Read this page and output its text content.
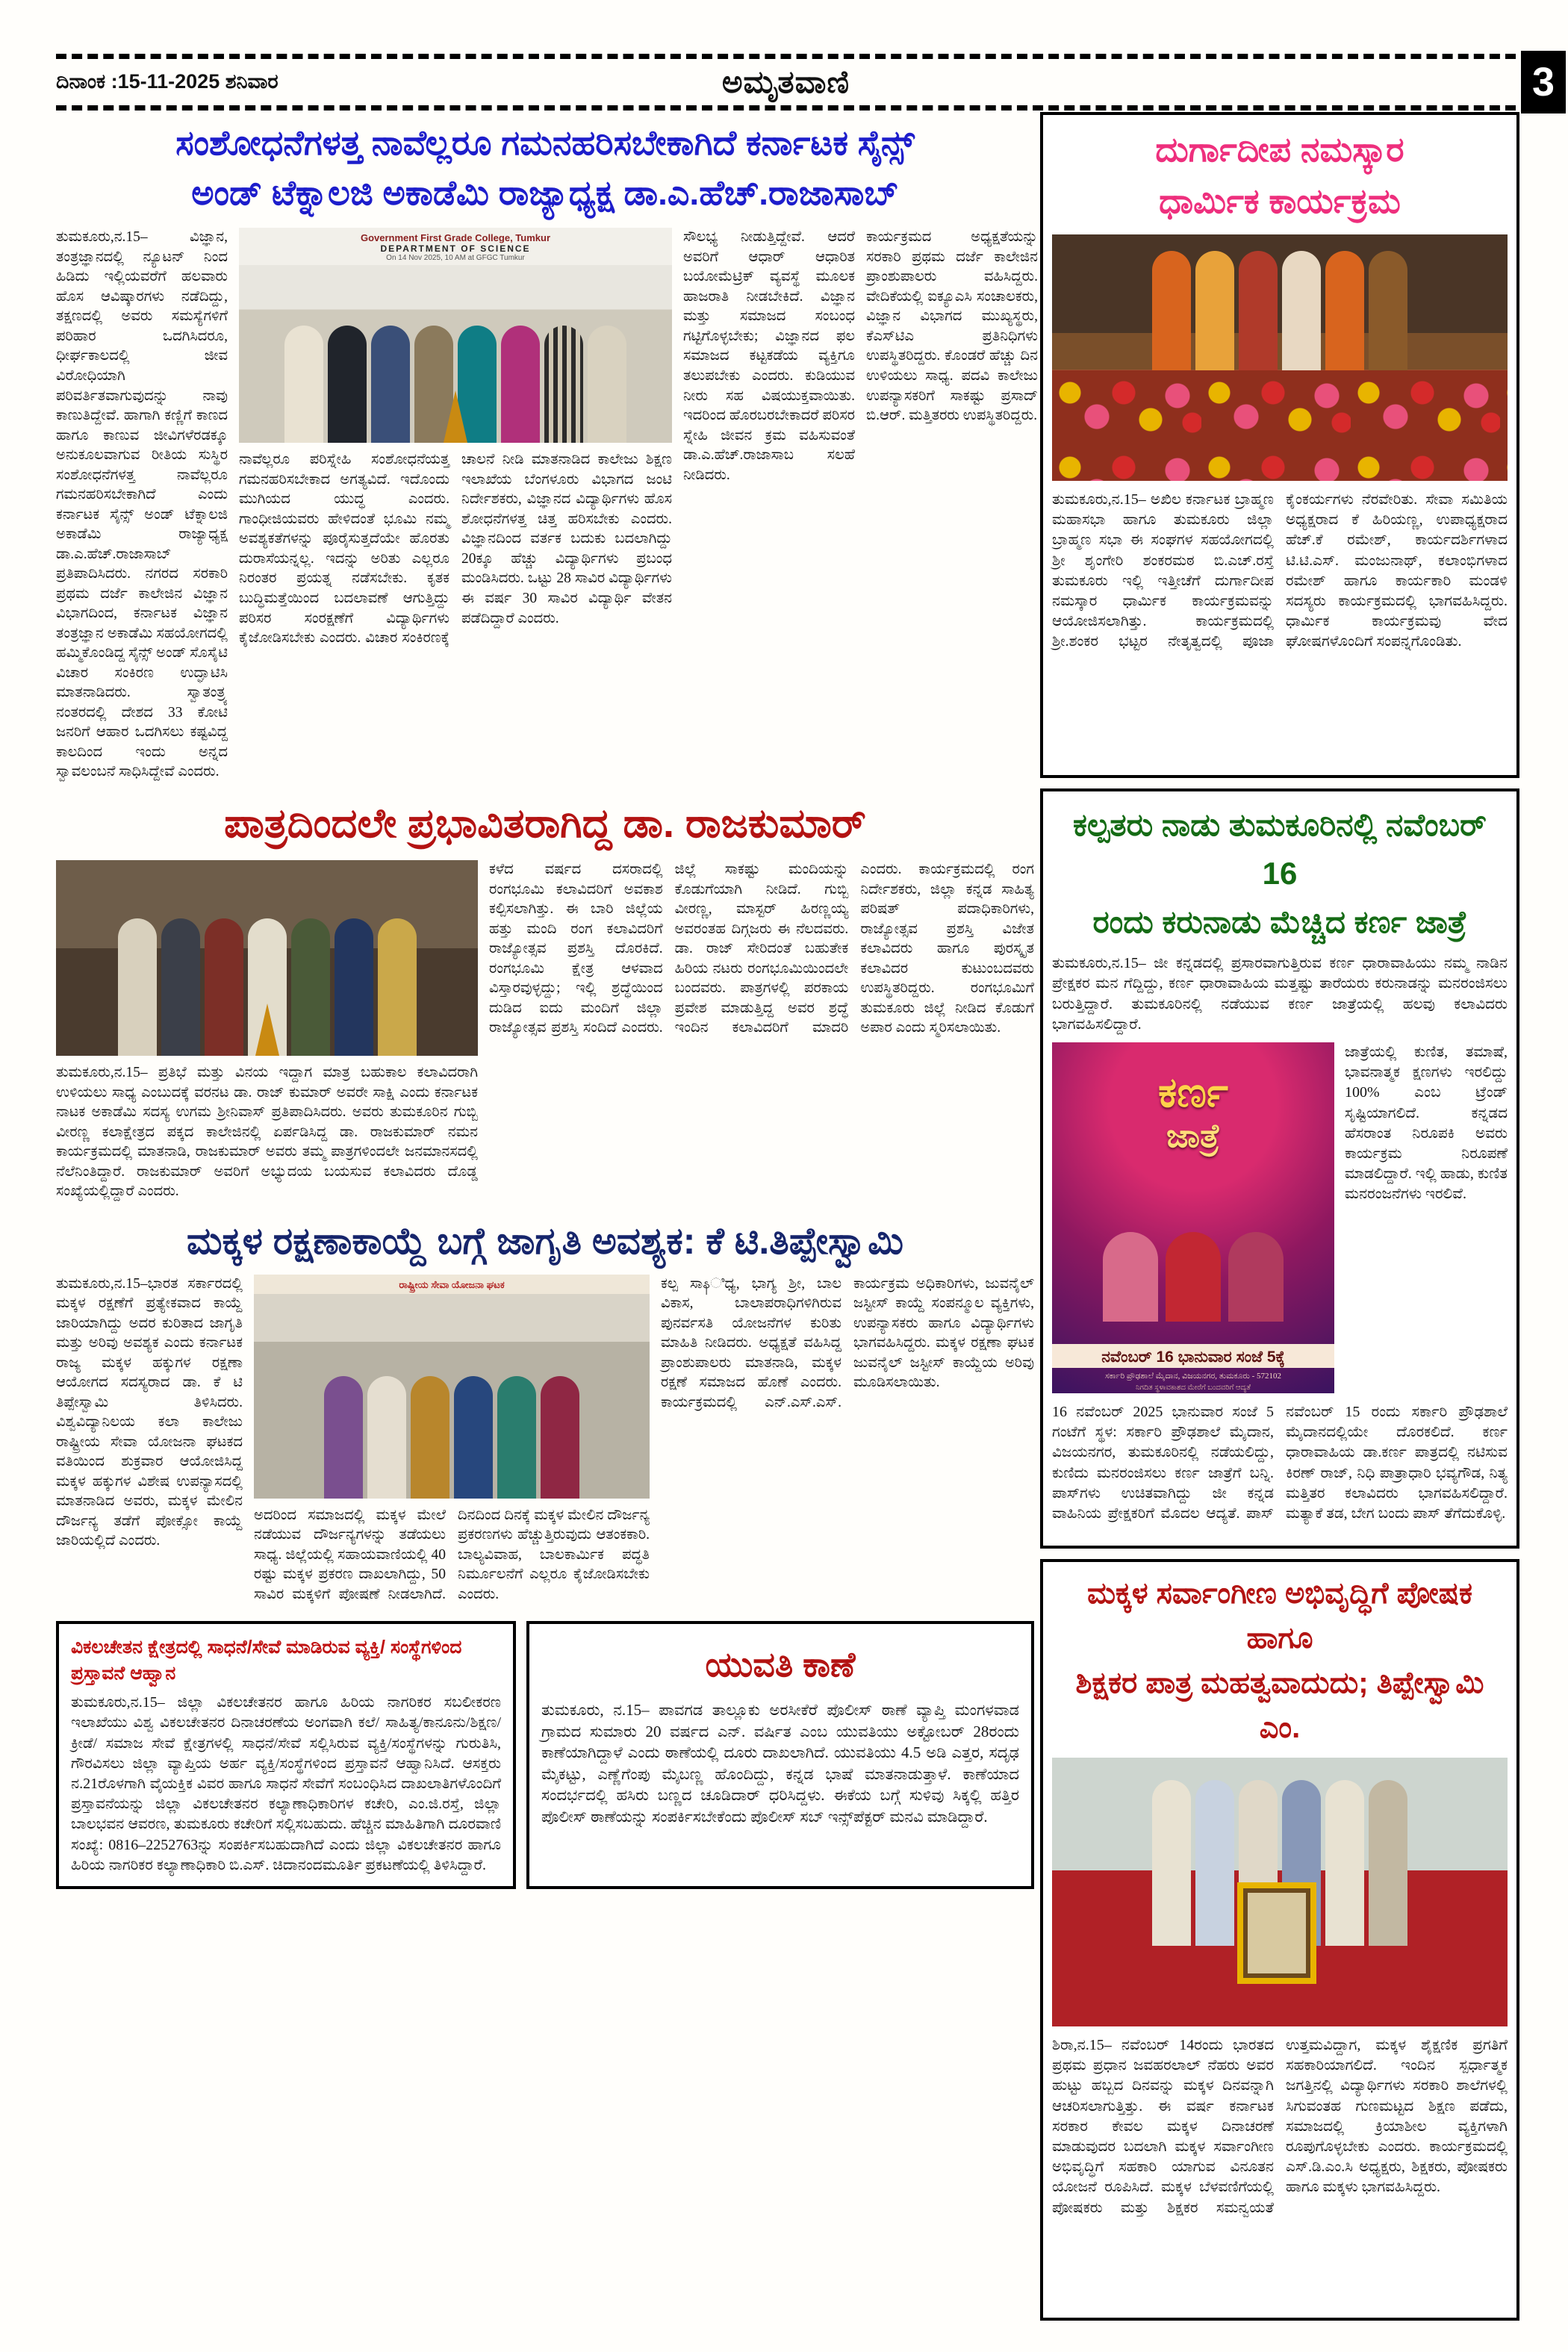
ದಿನಾಂಕ :15-11-2025 ಶನಿವಾರ	ಅಮೃತವಾಣಿ	3
ಸಂಶೋಧನೆಗಳತ್ತ ನಾವೆಲ್ಲರೂ ಗಮನಹರಿಸಬೇಕಾಗಿದೆ ಕರ್ನಾಟಕ ಸೈನ್ಸ್
ಅಂಡ್ ಟೆಕ್ನಾಲಜಿ ಅಕಾಡೆಮಿ ರಾಜ್ಯಾಧ್ಯಕ್ಷ ಡಾ.ಎ.ಹೆಚ್.ರಾಜಾಸಾಬ್
ತುಮಕೂರು,ನ.15– ವಿಜ್ಞಾನ, ತಂತ್ರಜ್ಞಾನದಲ್ಲಿ ನ್ಯೂಟನ್ ನಿಂದ ಹಿಡಿದು ಇಲ್ಲಿಯವರೆಗೆ ಹಲವಾರು ಹೊಸ ಆವಿಷ್ಕಾರಗಳು ನಡೆದಿದ್ದು, ತಕ್ಷಣದಲ್ಲಿ ಅವರು ಸಮಸ್ಯೆಗಳಿಗೆ ಪರಿಹಾರ ಒದಗಿಸಿದರೂ, ಧೀರ್ಘಕಾಲದಲ್ಲಿ ಜೀವ ವಿರೋಧಿಯಾಗಿ ಪರಿವರ್ತಿತವಾಗುವುದನ್ನು ನಾವು ಕಾಣುತಿದ್ದೇವೆ. ಹಾಗಾಗಿ ಕಣ್ಣಿಗೆ ಕಾಣದ ಹಾಗೂ ಕಾಣುವ ಜೀವಿಗಳೆರಡಕ್ಕೂ ಅನುಕೂಲವಾಗುವ ರೀತಿಯ ಸುಸ್ಥಿರ ಸಂಶೋಧನೆಗಳತ್ತ ನಾವೆಲ್ಲರೂ ಗಮನಹರಿಸಬೇಕಾಗಿದೆ ಎಂದು ಕರ್ನಾಟಕ ಸೈನ್ಸ್ ಅಂಡ್ ಟೆಕ್ನಾಲಜಿ ಅಕಾಡೆಮಿ ರಾಜ್ಯಾಧ್ಯಕ್ಷ ಡಾ.ಎ.ಹೆಚ್.ರಾಜಾಸಾಬ್ ಪ್ರತಿಪಾದಿಸಿದರು. ನಗರದ ಸರಕಾರಿ ಪ್ರಥಮ ದರ್ಜೆ ಕಾಲೇಜಿನ ವಿಜ್ಞಾನ ವಿಭಾಗದಿಂದ, ಕರ್ನಾಟಕ ವಿಜ್ಞಾನ ತಂತ್ರಜ್ಞಾನ ಅಕಾಡೆಮಿ ಸಹಯೋಗದಲ್ಲಿ ಹಮ್ಮಿಕೊಂಡಿದ್ದ ಸೈನ್ಸ್ ಅಂಡ್ ಸೊಸೈಟಿ ವಿಚಾರ ಸಂಕಿರಣ ಉದ್ಘಾಟಿಸಿ ಮಾತನಾಡಿದರು. ಸ್ವಾತಂತ್ರ್ಯ ನಂತರದಲ್ಲಿ ದೇಶದ 33 ಕೋಟಿ ಜನರಿಗೆ ಆಹಾರ ಒದಗಿಸಲು ಕಷ್ಟವಿದ್ದ ಕಾಲದಿಂದ ಇಂದು ಅನ್ನದ ಸ್ವಾವಲಂಬನೆ ಸಾಧಿಸಿದ್ದೇವೆ ಎಂದರು.
Government First Grade College, Tumkur
DEPARTMENT OF SCIENCE
On 14 Nov 2025, 10 AM at GFGC Tumkur
ನಾವೆಲ್ಲರೂ ಪರಿಸ್ನೇಹಿ ಸಂಶೋಧನೆಯತ್ತ ಗಮನಹರಿಸಬೇಕಾದ ಅಗತ್ಯವಿದೆ. ಇದೊಂದು ಮುಗಿಯದ ಯುದ್ಧ ಎಂದರು. ಗಾಂಧೀಜಿಯವರು ಹೇಳಿದಂತೆ ಭೂಮಿ ನಮ್ಮ ಅವಶ್ಯಕತೆಗಳನ್ನು ಪೂರೈಸುತ್ತದೆಯೇ ಹೊರತು ದುರಾಸೆಯನ್ನಲ್ಲ. ಇದನ್ನು ಅರಿತು ಎಲ್ಲರೂ ನಿರಂತರ ಪ್ರಯತ್ನ ನಡೆಸಬೇಕು. ಕೃತಕ ಬುದ್ಧಿಮತ್ತೆಯಿಂದ ಬದಲಾವಣೆ ಆಗುತ್ತಿದ್ದು ಪರಿಸರ ಸಂರಕ್ಷಣೆಗೆ ವಿದ್ಯಾರ್ಥಿಗಳು ಕೈಜೋಡಿಸಬೇಕು ಎಂದರು. ವಿಚಾರ ಸಂಕಿರಣಕ್ಕೆ ಚಾಲನೆ ನೀಡಿ ಮಾತನಾಡಿದ ಕಾಲೇಜು ಶಿಕ್ಷಣ ಇಲಾಖೆಯ ಬೆಂಗಳೂರು ವಿಭಾಗದ ಜಂಟಿ ನಿರ್ದೇಶಕರು, ವಿಜ್ಞಾನದ ವಿದ್ಯಾರ್ಥಿಗಳು ಹೊಸ ಶೋಧನೆಗಳತ್ತ ಚಿತ್ತ ಹರಿಸಬೇಕು ಎಂದರು. ವಿಜ್ಞಾನದಿಂದ ವರ್ತಕ ಬದುಕು ಬದಲಾಗಿದ್ದು 20ಕ್ಕೂ ಹೆಚ್ಚು ವಿದ್ಯಾರ್ಥಿಗಳು ಪ್ರಬಂಧ ಮಂಡಿಸಿದರು. ಒಟ್ಟು 28 ಸಾವಿರ ವಿದ್ಯಾರ್ಥಿಗಳು ಈ ವರ್ಷ 30 ಸಾವಿರ ವಿದ್ಯಾರ್ಥಿ ವೇತನ ಪಡೆದಿದ್ದಾರೆ ಎಂದರು.
ಸೌಲಭ್ಯ ನೀಡುತ್ತಿದ್ದೇವೆ. ಆದರೆ ಅವರಿಗೆ ಆಧಾರ್ ಆಧಾರಿತ ಬಯೋಮೆಟ್ರಿಕ್ ವ್ಯವಸ್ಥೆ ಮೂಲಕ ಹಾಜರಾತಿ ನೀಡಬೇಕಿದೆ. ವಿಜ್ಞಾನ ಮತ್ತು ಸಮಾಜದ ಸಂಬಂಧ ಗಟ್ಟಿಗೊಳ್ಳಬೇಕು; ವಿಜ್ಞಾನದ ಫಲ ಸಮಾಜದ ಕಟ್ಟಕಡೆಯ ವ್ಯಕ್ತಿಗೂ ತಲುಪಬೇಕು ಎಂದರು. ಕುಡಿಯುವ ನೀರು ಸಹ ವಿಷಯುಕ್ತವಾಯಿತು. ಇದರಿಂದ ಹೊರಬರಬೇಕಾದರೆ ಪರಿಸರ ಸ್ನೇಹಿ ಜೀವನ ಕ್ರಮ ವಹಿಸುವಂತೆ ಡಾ.ಎ.ಹೆಚ್.ರಾಜಾಸಾಬ ಸಲಹೆ ನೀಡಿದರು.
ಕಾರ್ಯಕ್ರಮದ ಅಧ್ಯಕ್ಷತೆಯನ್ನು ಸರಕಾರಿ ಪ್ರಥಮ ದರ್ಜೆ ಕಾಲೇಜಿನ ಪ್ರಾಂಶುಪಾಲರು ವಹಿಸಿದ್ದರು. ವೇದಿಕೆಯಲ್ಲಿ ಐಕ್ಯೂಎಸಿ ಸಂಚಾಲಕರು, ವಿಜ್ಞಾನ ವಿಭಾಗದ ಮುಖ್ಯಸ್ಥರು, ಕೆಎಸ್‌ಟಿಎ ಪ್ರತಿನಿಧಿಗಳು ಉಪಸ್ಥಿತರಿದ್ದರು. ಕೊಂಡರೆ ಹೆಚ್ಚು ದಿನ ಉಳಿಯಲು ಸಾಧ್ಯ. ಪದವಿ ಕಾಲೇಜು ಉಪನ್ಯಾಸಕರಿಗೆ ಸಾಕಷ್ಟು ಪ್ರಸಾದ್ ಬಿ.ಆರ್. ಮತ್ತಿತರರು ಉಪಸ್ಥಿತರಿದ್ದರು.
ಪಾತ್ರದಿಂದಲೇ ಪ್ರಭಾವಿತರಾಗಿದ್ದ ಡಾ. ರಾಜಕುಮಾರ್
ತುಮಕೂರು,ನ.15– ಪ್ರತಿಭೆ ಮತ್ತು ವಿನಯ ಇದ್ದಾಗ ಮಾತ್ರ ಬಹುಕಾಲ ಕಲಾವಿದರಾಗಿ ಉಳಿಯಲು ಸಾಧ್ಯ ಎಂಬುದಕ್ಕೆ ವರನಟ ಡಾ. ರಾಜ್ ಕುಮಾರ್ ಅವರೇ ಸಾಕ್ಷಿ ಎಂದು ಕರ್ನಾಟಕ ನಾಟಕ ಅಕಾಡೆಮಿ ಸದಸ್ಯ ಉಗಮ ಶ್ರೀನಿವಾಸ್ ಪ್ರತಿಪಾದಿಸಿದರು. ಅವರು ತುಮಕೂರಿನ ಗುಬ್ಬಿ ವೀರಣ್ಣ ಕಲಾಕ್ಷೇತ್ರದ ಪಕ್ಕದ ಕಾಲೇಜಿನಲ್ಲಿ ಏರ್ಪಡಿಸಿದ್ದ ಡಾ. ರಾಜಕುಮಾರ್ ನಮನ ಕಾರ್ಯಕ್ರಮದಲ್ಲಿ ಮಾತನಾಡಿ, ರಾಜಕುಮಾರ್ ಅವರು ತಮ್ಮ ಪಾತ್ರಗಳಿಂದಲೇ ಜನಮಾನಸದಲ್ಲಿ ನೆಲೆನಿಂತಿದ್ದಾರೆ. ರಾಜಕುಮಾರ್ ಅವರಿಗೆ ಅಭ್ಯುದಯ ಬಯಸುವ ಕಲಾವಿದರು ದೊಡ್ಡ ಸಂಖ್ಯೆಯಲ್ಲಿದ್ದಾರೆ ಎಂದರು.
ಕಳೆದ ವರ್ಷದ ದಸರಾದಲ್ಲಿ ರಂಗಭೂಮಿ ಕಲಾವಿದರಿಗೆ ಅವಕಾಶ ಕಲ್ಪಿಸಲಾಗಿತ್ತು. ಈ ಬಾರಿ ಜಿಲ್ಲೆಯ ಹತ್ತು ಮಂದಿ ರಂಗ ಕಲಾವಿದರಿಗೆ ರಾಜ್ಯೋತ್ಸವ ಪ್ರಶಸ್ತಿ ದೊರಕಿದೆ. ರಂಗಭೂಮಿ ಕ್ಷೇತ್ರ ಆಳವಾದ ವಿಸ್ತಾರವುಳ್ಳದ್ದು; ಇಲ್ಲಿ ಶ್ರದ್ಧೆಯಿಂದ ದುಡಿದ ಐದು ಮಂದಿಗೆ ಜಿಲ್ಲಾ ರಾಜ್ಯೋತ್ಸವ ಪ್ರಶಸ್ತಿ ಸಂದಿದೆ ಎಂದರು. ಜಿಲ್ಲೆ ಸಾಕಷ್ಟು ಮಂದಿಯನ್ನು ಕೊಡುಗೆಯಾಗಿ ನೀಡಿದೆ. ಗುಬ್ಬಿ ವೀರಣ್ಣ, ಮಾಸ್ಟರ್ ಹಿರಣ್ಣಯ್ಯ ಅವರಂತಹ ದಿಗ್ಗಜರು ಈ ನೆಲದವರು. ಡಾ. ರಾಜ್ ಸೇರಿದಂತೆ ಬಹುತೇಕ ಹಿರಿಯ ನಟರು ರಂಗಭೂಮಿಯಿಂದಲೇ ಬಂದವರು. ಪಾತ್ರಗಳಲ್ಲಿ ಪರಕಾಯ ಪ್ರವೇಶ ಮಾಡುತ್ತಿದ್ದ ಅವರ ಶ್ರದ್ಧೆ ಇಂದಿನ ಕಲಾವಿದರಿಗೆ ಮಾದರಿ ಎಂದರು. ಕಾರ್ಯಕ್ರಮದಲ್ಲಿ ರಂಗ ನಿರ್ದೇಶಕರು, ಜಿಲ್ಲಾ ಕನ್ನಡ ಸಾಹಿತ್ಯ ಪರಿಷತ್ ಪದಾಧಿಕಾರಿಗಳು, ರಾಜ್ಯೋತ್ಸವ ಪ್ರಶಸ್ತಿ ವಿಜೇತ ಕಲಾವಿದರು ಹಾಗೂ ಪುರಸ್ಕೃತ ಕಲಾವಿದರ ಕುಟುಂಬದವರು ಉಪಸ್ಥಿತರಿದ್ದರು. ರಂಗಭೂಮಿಗೆ ತುಮಕೂರು ಜಿಲ್ಲೆ ನೀಡಿದ ಕೊಡುಗೆ ಅಪಾರ ಎಂದು ಸ್ಮರಿಸಲಾಯಿತು.
ಮಕ್ಕಳ ರಕ್ಷಣಾಕಾಯ್ದೆ ಬಗ್ಗೆ ಜಾಗೃತಿ ಅವಶ್ಯಕ: ಕೆ ಟಿ.ತಿಪ್ಪೇಸ್ವಾಮಿ
ತುಮಕೂರು,ನ.15–ಭಾರತ ಸರ್ಕಾರದಲ್ಲಿ ಮಕ್ಕಳ ರಕ್ಷಣೆಗೆ ಪ್ರತ್ಯೇಕವಾದ ಕಾಯ್ದೆ ಜಾರಿಯಾಗಿದ್ದು ಅದರ ಕುರಿತಾದ ಜಾಗೃತಿ ಮತ್ತು ಅರಿವು ಅವಶ್ಯಕ ಎಂದು ಕರ್ನಾಟಕ ರಾಜ್ಯ ಮಕ್ಕಳ ಹಕ್ಕುಗಳ ರಕ್ಷಣಾ ಆಯೋಗದ ಸದಸ್ಯರಾದ ಡಾ. ಕೆ ಟಿ ತಿಪ್ಪೇಸ್ವಾಮಿ ತಿಳಿಸಿದರು. ವಿಶ್ವವಿದ್ಯಾನಿಲಯ ಕಲಾ ಕಾಲೇಜು ರಾಷ್ಟ್ರೀಯ ಸೇವಾ ಯೋಜನಾ ಘಟಕದ ವತಿಯಿಂದ ಶುಕ್ರವಾರ ಆಯೋಜಿಸಿದ್ದ ಮಕ್ಕಳ ಹಕ್ಕುಗಳ ವಿಶೇಷ ಉಪನ್ಯಾಸದಲ್ಲಿ ಮಾತನಾಡಿದ ಅವರು, ಮಕ್ಕಳ ಮೇಲಿನ ದೌರ್ಜನ್ಯ ತಡೆಗೆ ಪೋಕ್ಸೋ ಕಾಯ್ದೆ ಜಾರಿಯಲ್ಲಿದೆ ಎಂದರು.
ರಾಷ್ಟ್ರೀಯ ಸೇವಾ ಯೋಜನಾ ಘಟಕ
ಅದರಿಂದ ಸಮಾಜದಲ್ಲಿ ಮಕ್ಕಳ ಮೇಲೆ ನಡೆಯುವ ದೌರ್ಜನ್ಯಗಳನ್ನು ತಡೆಯಲು ಸಾಧ್ಯ. ಜಿಲ್ಲೆಯಲ್ಲಿ ಸಹಾಯವಾಣಿಯಲ್ಲಿ 40 ರಷ್ಟು ಮಕ್ಕಳ ಪ್ರಕರಣ ದಾಖಲಾಗಿದ್ದು, 50 ಸಾವಿರ ಮಕ್ಕಳಿಗೆ ಪೋಷಣೆ ನೀಡಲಾಗಿದೆ. ದಿನದಿಂದ ದಿನಕ್ಕೆ ಮಕ್ಕಳ ಮೇಲಿನ ದೌರ್ಜನ್ಯ ಪ್ರಕರಣಗಳು ಹೆಚ್ಚುತ್ತಿರುವುದು ಆತಂಕಕಾರಿ. ಬಾಲ್ಯವಿವಾಹ, ಬಾಲಕಾರ್ಮಿಕ ಪದ್ಧತಿ ನಿರ್ಮೂಲನೆಗೆ ಎಲ್ಲರೂ ಕೈಜೋಡಿಸಬೇಕು ಎಂದರು.
ಕಲ್ಪ ಸಾနಿಧ್ಯ, ಭಾಗ್ಯ ಶ್ರೀ, ಬಾಲ ವಿಕಾಸ, ಬಾಲಾಪರಾಧಿಗಳಿಗಿರುವ ಪುನರ್ವಸತಿ ಯೋಜನೆಗಳ ಕುರಿತು ಮಾಹಿತಿ ನೀಡಿದರು. ಅಧ್ಯಕ್ಷತೆ ವಹಿಸಿದ್ದ ಪ್ರಾಂಶುಪಾಲರು ಮಾತನಾಡಿ, ಮಕ್ಕಳ ರಕ್ಷಣೆ ಸಮಾಜದ ಹೊಣೆ ಎಂದರು. ಕಾರ್ಯಕ್ರಮದಲ್ಲಿ ಎನ್.ಎಸ್.ಎಸ್. ಕಾರ್ಯಕ್ರಮ ಅಧಿಕಾರಿಗಳು, ಜುವನೈಲ್ ಜಸ್ಟೀಸ್ ಕಾಯ್ದೆ ಸಂಪನ್ಮೂಲ ವ್ಯಕ್ತಿಗಳು, ಉಪನ್ಯಾಸಕರು ಹಾಗೂ ವಿದ್ಯಾರ್ಥಿಗಳು ಭಾಗವಹಿಸಿದ್ದರು. ಮಕ್ಕಳ ರಕ್ಷಣಾ ಘಟಕ ಜುವನೈಲ್ ಜಸ್ಟೀಸ್ ಕಾಯ್ದೆಯ ಅರಿವು ಮೂಡಿಸಲಾಯಿತು.
ವಿಕಲಚೇತನ ಕ್ಷೇತ್ರದಲ್ಲಿ ಸಾಧನೆ/ಸೇವೆ ಮಾಡಿರುವ ವ್ಯಕ್ತಿ/ ಸಂಸ್ಥೆಗಳಿಂದ ಪ್ರಸ್ತಾವನೆ ಆಹ್ವಾನ
ತುಮಕೂರು,ನ.15– ಜಿಲ್ಲಾ ವಿಕಲಚೇತನರ ಹಾಗೂ ಹಿರಿಯ ನಾಗರಿಕರ ಸಬಲೀಕರಣ ಇಲಾಖೆಯು ವಿಶ್ವ ವಿಕಲಚೇತನರ ದಿನಾಚರಣೆಯ ಅಂಗವಾಗಿ ಕಲೆ/ ಸಾಹಿತ್ಯ/ಕಾನೂನು/ಶಿಕ್ಷಣ/ಕ್ರೀಡೆ/ ಸಮಾಜ ಸೇವೆ ಕ್ಷೇತ್ರಗಳಲ್ಲಿ ಸಾಧನೆ/ಸೇವೆ ಸಲ್ಲಿಸಿರುವ ವ್ಯಕ್ತಿ/ಸಂಸ್ಥೆಗಳನ್ನು ಗುರುತಿಸಿ, ಗೌರವಿಸಲು ಜಿಲ್ಲಾ ವ್ಯಾಪ್ತಿಯ ಅರ್ಹ ವ್ಯಕ್ತಿ/ಸಂಸ್ಥೆಗಳಿಂದ ಪ್ರಸ್ತಾವನೆ ಆಹ್ವಾನಿಸಿದೆ. ಆಸಕ್ತರು ನ.21ರೊಳಗಾಗಿ ವೈಯಕ್ತಿಕ ವಿವರ ಹಾಗೂ ಸಾಧನೆ ಸೇವೆಗೆ ಸಂಬಂಧಿಸಿದ ದಾಖಲಾತಿಗಳೊಂದಿಗೆ ಪ್ರಸ್ತಾವನೆಯನ್ನು ಜಿಲ್ಲಾ ವಿಕಲಚೇತನರ ಕಲ್ಯಾಣಾಧಿಕಾರಿಗಳ ಕಚೇರಿ, ಎಂ.ಜಿ.ರಸ್ತೆ, ಜಿಲ್ಲಾ ಬಾಲಭವನ ಆವರಣ, ತುಮಕೂರು ಕಚೇರಿಗೆ ಸಲ್ಲಿಸಬಹುದು. ಹೆಚ್ಚಿನ ಮಾಹಿತಿಗಾಗಿ ದೂರವಾಣಿ ಸಂಖ್ಯೆ: 0816–2252763ನ್ನು ಸಂಪರ್ಕಿಸಬಹುದಾಗಿದೆ ಎಂದು ಜಿಲ್ಲಾ ವಿಕಲಚೇತನರ ಹಾಗೂ ಹಿರಿಯ ನಾಗರಿಕರ ಕಲ್ಯಾಣಾಧಿಕಾರಿ ಬಿ.ಎಸ್. ಚಿದಾನಂದಮೂರ್ತಿ ಪ್ರಕಟಣೆಯಲ್ಲಿ ತಿಳಿಸಿದ್ದಾರೆ.
ಯುವತಿ ಕಾಣೆ
ತುಮಕೂರು, ನ.15– ಪಾವಗಡ ತಾಲ್ಲೂಕು ಅರಸೀಕೆರೆ ಪೊಲೀಸ್ ಠಾಣೆ ವ್ಯಾಪ್ತಿ ಮಂಗಳವಾಡ ಗ್ರಾಮದ ಸುಮಾರು 20 ವರ್ಷದ ಎನ್. ವರ್ಷಿತ ಎಂಬ ಯುವತಿಯು ಅಕ್ಟೋಬರ್ 28ರಂದು ಕಾಣೆಯಾಗಿದ್ದಾಳೆ ಎಂದು ಠಾಣೆಯಲ್ಲಿ ದೂರು ದಾಖಲಾಗಿದೆ. ಯುವತಿಯು 4.5 ಅಡಿ ಎತ್ತರ, ಸದೃಢ ಮೈಕಟ್ಟು, ಎಣ್ಣೆಗೆಂಪು ಮೈಬಣ್ಣ ಹೊಂದಿದ್ದು, ಕನ್ನಡ ಭಾಷೆ ಮಾತನಾಡುತ್ತಾಳೆ. ಕಾಣೆಯಾದ ಸಂದರ್ಭದಲ್ಲಿ ಹಸಿರು ಬಣ್ಣದ ಚೂಡಿದಾರ್ ಧರಿಸಿದ್ದಳು. ಈಕೆಯ ಬಗ್ಗೆ ಸುಳಿವು ಸಿಕ್ಕಲ್ಲಿ ಹತ್ತಿರ ಪೊಲೀಸ್ ಠಾಣೆಯನ್ನು ಸಂಪರ್ಕಿಸಬೇಕೆಂದು ಪೊಲೀಸ್ ಸಬ್ ಇನ್ಸ್‌ಪೆಕ್ಟರ್ ಮನವಿ ಮಾಡಿದ್ದಾರೆ.
ದುರ್ಗಾದೀಪ ನಮಸ್ಕಾರ
ಧಾರ್ಮಿಕ ಕಾರ್ಯಕ್ರಮ
ತುಮಕೂರು,ನ.15– ಅಖಿಲ ಕರ್ನಾಟಕ ಬ್ರಾಹ್ಮಣ ಮಹಾಸಭಾ ಹಾಗೂ ತುಮಕೂರು ಜಿಲ್ಲಾ ಬ್ರಾಹ್ಮಣ ಸಭಾ ಈ ಸಂಘಗಳ ಸಹಯೋಗದಲ್ಲಿ ಶ್ರೀ ಶೃಂಗೇರಿ ಶಂಕರಮಠ ಬಿ.ಎಚ್.ರಸ್ತೆ ತುಮಕೂರು ಇಲ್ಲಿ ಇತ್ತೀಚೆಗೆ ದುರ್ಗಾದೀಪ ನಮಸ್ಕಾರ ಧಾರ್ಮಿಕ ಕಾರ್ಯಕ್ರಮವನ್ನು ಆಯೋಜಿಸಲಾಗಿತ್ತು. ಕಾರ್ಯಕ್ರಮದಲ್ಲಿ ಶ್ರೀ.ಶಂಕರ ಭಟ್ಟರ ನೇತೃತ್ವದಲ್ಲಿ ಪೂಜಾ ಕೈಂಕರ್ಯಗಳು ನೆರವೇರಿತು. ಸೇವಾ ಸಮಿತಿಯ ಅಧ್ಯಕ್ಷರಾದ ಕೆ ಹಿರಿಯಣ್ಣ, ಉಪಾಧ್ಯಕ್ಷರಾದ ಹೆಚ್.ಕೆ ರಮೇಶ್, ಕಾರ್ಯದರ್ಶಿಗಳಾದ ಟಿ.ಟಿ.ಎಸ್. ಮಂಜುನಾಥ್, ಕಲಾಂಭಿಗಳಾದ ರಮೇಶ್ ಹಾಗೂ ಕಾರ್ಯಕಾರಿ ಮಂಡಳಿ ಸದಸ್ಯರು ಕಾರ್ಯಕ್ರಮದಲ್ಲಿ ಭಾಗವಹಿಸಿದ್ದರು. ಧಾರ್ಮಿಕ ಕಾರ್ಯಕ್ರಮವು ವೇದ ಘೋಷಗಳೊಂದಿಗೆ ಸಂಪನ್ನಗೊಂಡಿತು.
ಕಲ್ಪತರು ನಾಡು ತುಮಕೂರಿನಲ್ಲಿ ನವೆಂಬರ್ 16
ರಂದು ಕರುನಾಡು ಮೆಚ್ಚಿದ ಕರ್ಣ ಜಾತ್ರೆ
ತುಮಕೂರು,ನ.15– ಜೀ ಕನ್ನಡದಲ್ಲಿ ಪ್ರಸಾರವಾಗುತ್ತಿರುವ ಕರ್ಣ ಧಾರಾವಾಹಿಯು ನಮ್ಮ ನಾಡಿನ ಪ್ರೇಕ್ಷಕರ ಮನ ಗೆದ್ದಿದ್ದು, ಕರ್ಣ ಧಾರಾವಾಹಿಯ ಮತ್ತಷ್ಟು ತಾರೆಯರು ಕರುನಾಡನ್ನು ಮನರಂಜಿಸಲು ಬರುತ್ತಿದ್ದಾರೆ. ತುಮಕೂರಿನಲ್ಲಿ ನಡೆಯುವ ಕರ್ಣ ಜಾತ್ರೆಯಲ್ಲಿ ಹಲವು ಕಲಾವಿದರು ಭಾಗವಹಿಸಲಿದ್ದಾರೆ.
ಕರ್ಣ
ಜಾತ್ರೆ
ನವೆಂಬರ್ 16 ಭಾನುವಾರ ಸಂಜೆ 5ಕ್ಕೆ
ಸರ್ಕಾರಿ ಪ್ರೌಢಶಾಲೆ ಮೈದಾನ, ವಿಜಯನಗರ, ತುಮಕೂರು - 572102
ನಿಗದಿತ ಸ್ಥಳಾವಕಾಶದ ಮೇರೆಗೆ ಬಂದವರಿಗೆ ಆದ್ಯತೆ
ಜಾತ್ರೆಯಲ್ಲಿ ಕುಣಿತ, ತಮಾಷೆ, ಭಾವನಾತ್ಮಕ ಕ್ಷಣಗಳು ಇರಲಿದ್ದು 100% ಎಂಬ ಟ್ರೆಂಡ್ ಸೃಷ್ಟಿಯಾಗಲಿದೆ. ಕನ್ನಡದ ಹೆಸರಾಂತ ನಿರೂಪಕಿ ಅವರು ಕಾರ್ಯಕ್ರಮ ನಿರೂಪಣೆ ಮಾಡಲಿದ್ದಾರೆ. ಇಲ್ಲಿ ಹಾಡು, ಕುಣಿತ ಮನರಂಜನೆಗಳು ಇರಲಿವೆ.
16 ನವೆಂಬರ್ 2025 ಭಾನುವಾರ ಸಂಜೆ 5 ಗಂಟೆಗೆ ಸ್ಥಳ: ಸರ್ಕಾರಿ ಪ್ರೌಢಶಾಲೆ ಮೈದಾನ, ವಿಜಯನಗರ, ತುಮಕೂರಿನಲ್ಲಿ ನಡೆಯಲಿದ್ದು, ಕುಣಿದು ಮನರಂಜಿಸಲು ಕರ್ಣ ಜಾತ್ರೆಗೆ ಬನ್ನಿ. ಪಾಸ್‌ಗಳು ಉಚಿತವಾಗಿದ್ದು ಜೀ ಕನ್ನಡ ವಾಹಿನಿಯ ಪ್ರೇಕ್ಷಕರಿಗೆ ಮೊದಲ ಆದ್ಯತೆ. ಪಾಸ್ ನವೆಂಬರ್ 15 ರಂದು ಸರ್ಕಾರಿ ಪ್ರೌಢಶಾಲೆ ಮೈದಾನದಲ್ಲಿಯೇ ದೊರಕಲಿದೆ. ಕರ್ಣ ಧಾರಾವಾಹಿಯ ಡಾ.ಕರ್ಣ ಪಾತ್ರದಲ್ಲಿ ನಟಿಸುವ ಕಿರಣ್ ರಾಜ್, ನಿಧಿ ಪಾತ್ರಾಧಾರಿ ಭವ್ಯಗೌಡ, ನಿತ್ಯ ಮತ್ತಿತರ ಕಲಾವಿದರು ಭಾಗವಹಿಸಲಿದ್ದಾರೆ. ಮತ್ಯಾಕೆ ತಡ, ಬೇಗ ಬಂದು ಪಾಸ್ ತೆಗೆದುಕೊಳ್ಳಿ.
ಮಕ್ಕಳ ಸರ್ವಾಂಗೀಣ ಅಭಿವೃದ್ಧಿಗೆ ಪೋಷಕ ಹಾಗೂ
ಶಿಕ್ಷಕರ ಪಾತ್ರ ಮಹತ್ವವಾದುದು; ತಿಪ್ಪೇಸ್ವಾಮಿ ಎಂ.
ಶಿರಾ,ನ.15– ನವೆಂಬರ್ 14ರಂದು ಭಾರತದ ಪ್ರಥಮ ಪ್ರಧಾನ ಜವಹರಲಾಲ್ ನೆಹರು ಅವರ ಹುಟ್ಟು ಹಬ್ಬದ ದಿನವನ್ನು ಮಕ್ಕಳ ದಿನವನ್ನಾಗಿ ಆಚರಿಸಲಾಗುತ್ತಿತ್ತು. ಈ ವರ್ಷ ಕರ್ನಾಟಕ ಸರಕಾರ ಕೇವಲ ಮಕ್ಕಳ ದಿನಾಚರಣೆ ಮಾಡುವುದರ ಬದಲಾಗಿ ಮಕ್ಕಳ ಸರ್ವಾಂಗೀಣ ಅಭಿವೃದ್ಧಿಗೆ ಸಹಕಾರಿ ಯಾಗುವ ವಿನೂತನ ಯೋಜನೆ ರೂಪಿಸಿದೆ. ಮಕ್ಕಳ ಬೆಳವಣಿಗೆಯಲ್ಲಿ ಪೋಷಕರು ಮತ್ತು ಶಿಕ್ಷಕರ ಸಮನ್ವಯತೆ ಉತ್ತಮವಿದ್ದಾಗ, ಮಕ್ಕಳ ಶೈಕ್ಷಣಿಕ ಪ್ರಗತಿಗೆ ಸಹಕಾರಿಯಾಗಲಿದೆ. ಇಂದಿನ ಸ್ಪರ್ಧಾತ್ಮಕ ಜಗತ್ತಿನಲ್ಲಿ ವಿದ್ಯಾರ್ಥಿಗಳು ಸರಕಾರಿ ಶಾಲೆಗಳಲ್ಲಿ ಸಿಗುವಂತಹ ಗುಣಮಟ್ಟದ ಶಿಕ್ಷಣ ಪಡೆದು, ಸಮಾಜದಲ್ಲಿ ಕ್ರಿಯಾಶೀಲ ವ್ಯಕ್ತಿಗಳಾಗಿ ರೂಪುಗೊಳ್ಳಬೇಕು ಎಂದರು. ಕಾರ್ಯಕ್ರಮದಲ್ಲಿ ಎಸ್.ಡಿ.ಎಂ.ಸಿ ಅಧ್ಯಕ್ಷರು, ಶಿಕ್ಷಕರು, ಪೋಷಕರು ಹಾಗೂ ಮಕ್ಕಳು ಭಾಗವಹಿಸಿದ್ದರು.
